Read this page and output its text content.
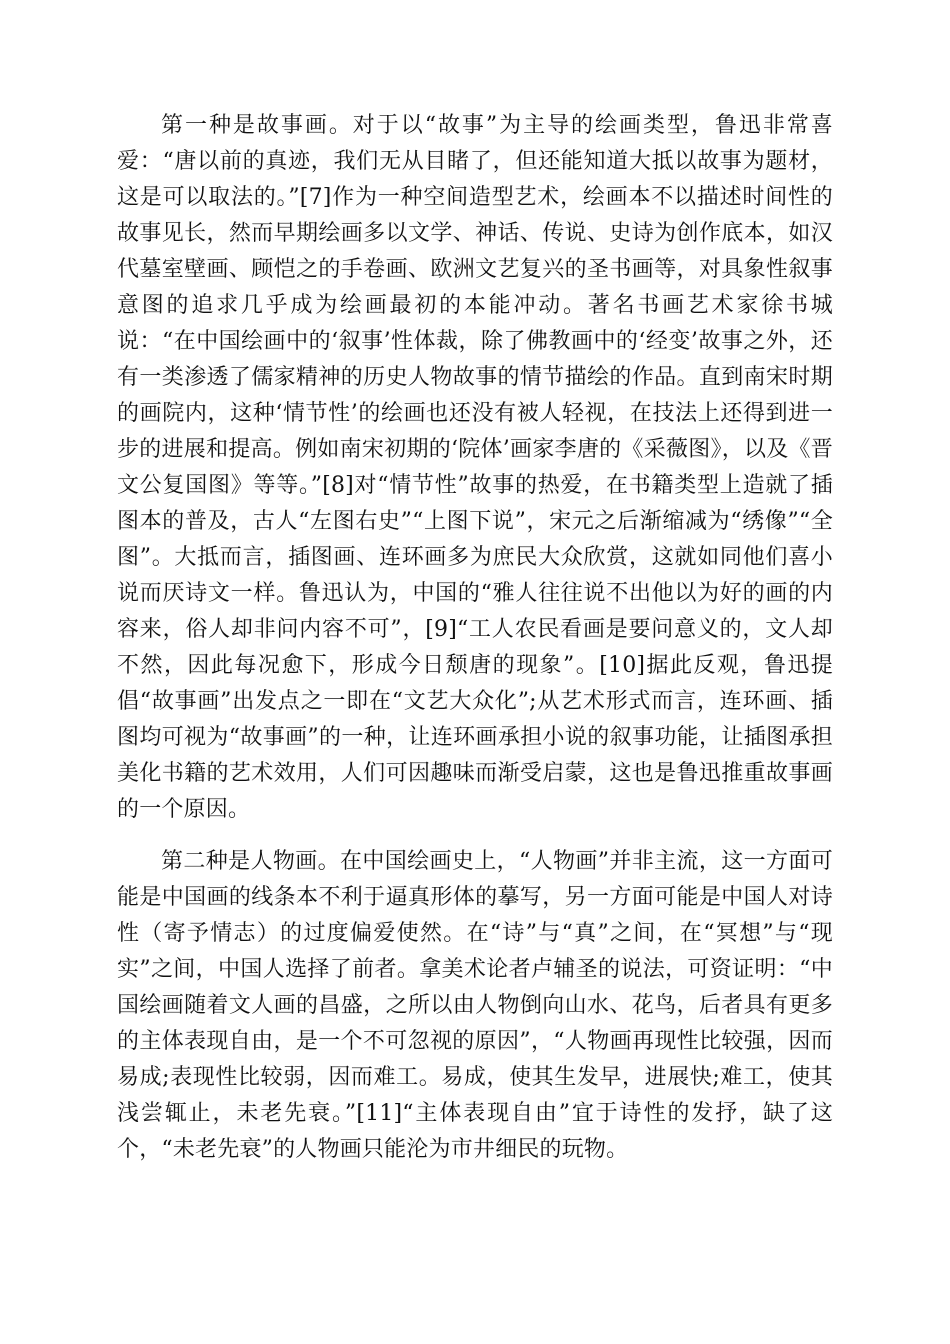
第一种是故事画。对于以“故事”为主导的绘画类型，鲁迅非常喜爱：“唐以前的真迹，我们无从目睹了，但还能知道大抵以故事为题材，这是可以取法的。”[7]作为一种空间造型艺术，绘画本不以描述时间性的故事见长，然而早期绘画多以文学、神话、传说、史诗为创作底本，如汉代墓室壁画、顾恺之的手卷画、欧洲文艺复兴的圣书画等，对具象性叙事意图的追求几乎成为绘画最初的本能冲动。著名书画艺术家徐书城说：“在中国绘画中的‘叙事’性体裁，除了佛教画中的‘经变’故事之外，还有一类渗透了儒家精神的历史人物故事的情节描绘的作品。直到南宋时期的画院内，这种‘情节性’的绘画也还没有被人轻视，在技法上还得到进一步的进展和提高。例如南宋初期的‘院体’画家李唐的《采薇图》，以及《晋文公复国图》等等。”[8]对“情节性”故事的热爱，在书籍类型上造就了插图本的普及，古人“左图右史”“上图下说”，宋元之后渐缩减为“绣像”“全图”。大抵而言，插图画、连环画多为庶民大众欣赏，这就如同他们喜小说而厌诗文一样。鲁迅认为，中国的“雅人往往说不出他以为好的画的内容来，俗人却非问内容不可”，[9]“工人农民看画是要问意义的，文人却不然，因此每况愈下，形成今日颓唐的现象”。[10]据此反观，鲁迅提倡“故事画”出发点之一即在“文艺大众化”;从艺术形式而言，连环画、插图均可视为“故事画”的一种，让连环画承担小说的叙事功能，让插图承担美化书籍的艺术效用，人们可因趣味而渐受启蒙，这也是鲁迅推重故事画的一个原因。

第二种是人物画。在中国绘画史上，“人物画”并非主流，这一方面可能是中国画的线条本不利于逼真形体的摹写，另一方面可能是中国人对诗性（寄予情志）的过度偏爱使然。在“诗”与“真”之间，在“冥想”与“现实”之间，中国人选择了前者。拿美术论者卢辅圣的说法，可资证明：“中国绘画随着文人画的昌盛，之所以由人物倒向山水、花鸟，后者具有更多的主体表现自由，是一个不可忽视的原因”，“人物画再现性比较强，因而易成;表现性比较弱，因而难工。易成，使其生发早，进展快;难工，使其浅尝辄止，未老先衰。”[11]“主体表现自由”宜于诗性的发抒，缺了这个，“未老先衰”的人物画只能沦为市井细民的玩物。
